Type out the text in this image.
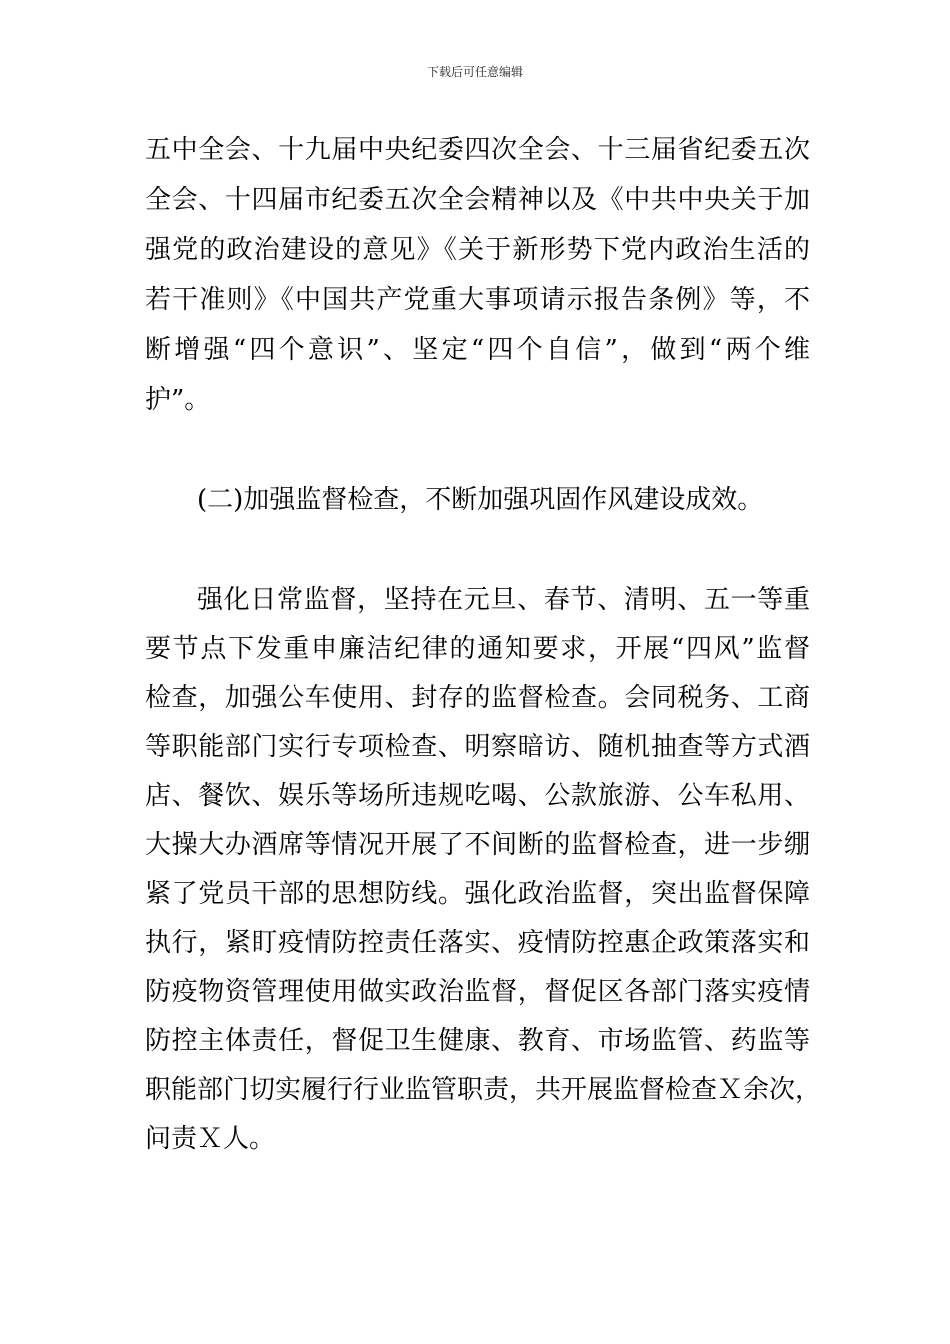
下载后可任意编辑
五中全会、十九届中央纪委四次全会、十三届省纪委五次
全会、十四届市纪委五次全会精神以及《中共中央关于加
强党的政治建设的意见》《关于新形势下党内政治生活的
若干准则》《中国共产党重大事项请示报告条例》等，不
断增强“四个意识”、坚定“四个自信”，做到“两个维
护”。
(二)加强监督检查，不断加强巩固作风建设成效。
强化日常监督，坚持在元旦、春节、清明、五一等重
要节点下发重申廉洁纪律的通知要求，开展“四风”监督
检查，加强公车使用、封存的监督检查。会同税务、工商
等职能部门实行专项检查、明察暗访、随机抽查等方式酒
店、餐饮、娱乐等场所违规吃喝、公款旅游、公车私用、
大操大办酒席等情况开展了不间断的监督检查，进一步绷
紧了党员干部的思想防线。强化政治监督，突出监督保障
执行，紧盯疫情防控责任落实、疫情防控惠企政策落实和
防疫物资管理使用做实政治监督，督促区各部门落实疫情
防控主体责任，督促卫生健康、教育、市场监管、药监等
职能部门切实履行行业监管职责，共开展监督检查Ｘ余次，
问责Ｘ人。
